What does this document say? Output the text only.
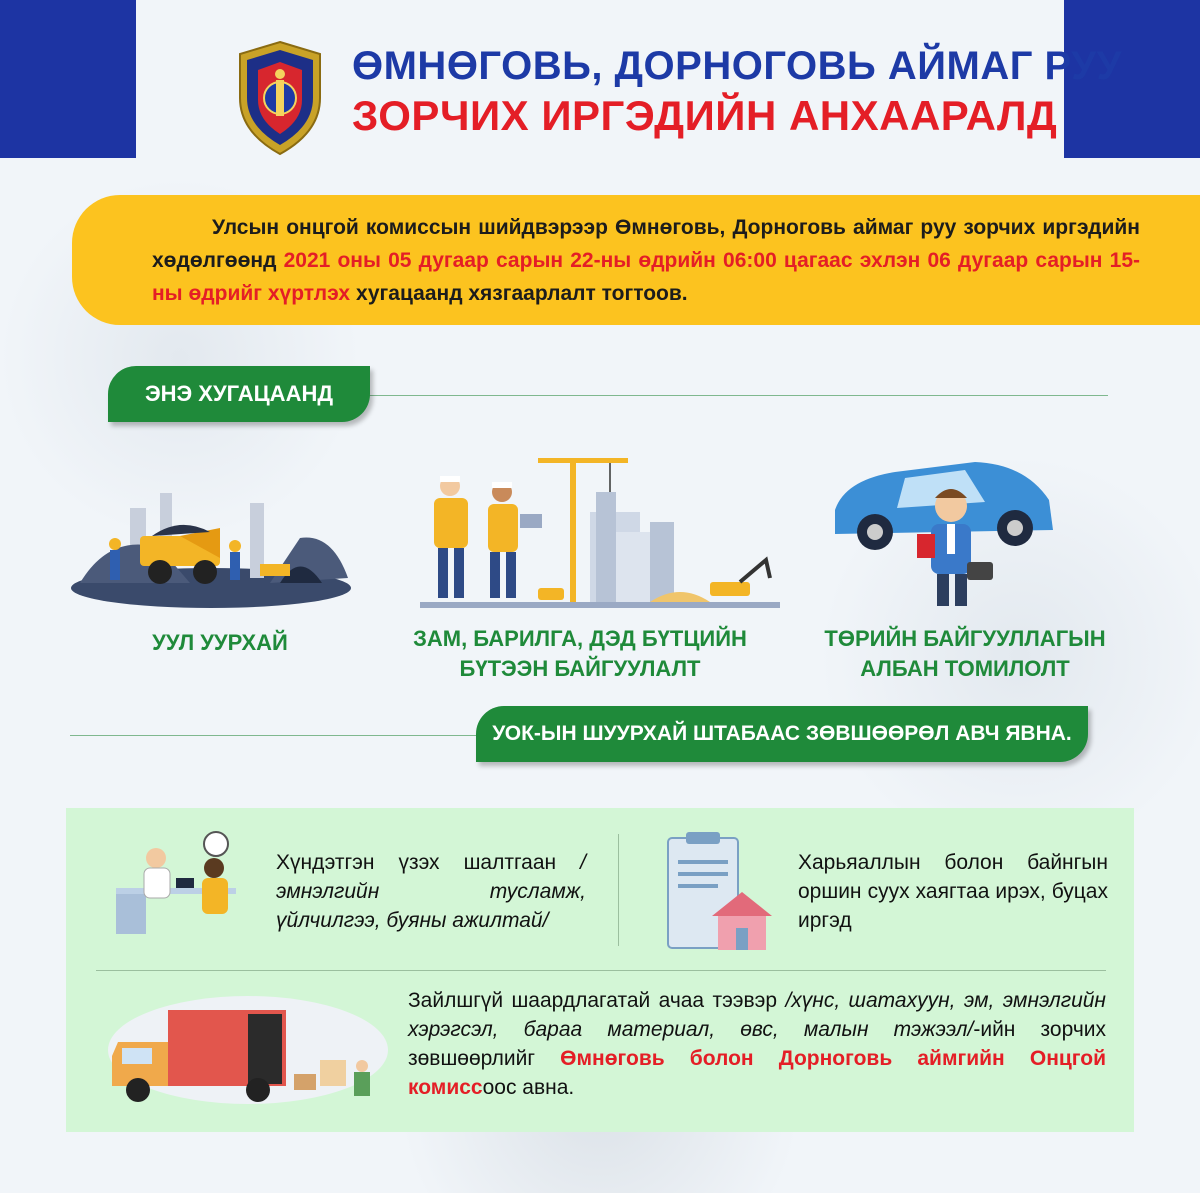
ӨМНӨГОВЬ, ДОРНОГОВЬ АЙМАГ РУУ
ЗОРЧИХ ИРГЭДИЙН АНХААРАЛД
Улсын онцгой комиссын шийдвэрээр Өмнөговь, Дорноговь аймаг руу зорчих иргэдийн хөдөлгөөнд 2021 оны 05 дугаар сарын 22-ны өдрийн 06:00 цагаас эхлэн 06 дугаар сарын 15-ны өдрийг хүртлэх хугацаанд хязгаарлалт тогтоов.
ЭНЭ ХУГАЦААНД
УУЛ УУРХАЙ	ЗАМ, БАРИЛГА, ДЭД БҮТЦИЙН
БҮТЭЭН БАЙГУУЛАЛТ
ТӨРИЙН БАЙГУУЛЛАГЫН
АЛБАН ТОМИЛОЛТ
УОК-ЫН ШУУРХАЙ ШТАБААС ЗӨВШӨӨРӨЛ АВЧ ЯВНА.
Хүндэтгэн үзэх шалтгаан /эмнэлгийн тусламж, үйлчилгээ, буяны ажилтай/
Харьяаллын болон байнгын оршин суух хаягтаа ирэх, буцах иргэд
Зайлшгүй шаардлагатай ачаа тээвэр /хүнс, шатахуун, эм, эмнэлгийн хэрэгсэл, бараа материал, өвс, малын тэжээл/-ийн зорчих зөвшөөрлийг Өмнөговь болон Дорноговь аймгийн Онцгой комиссоос авна.
